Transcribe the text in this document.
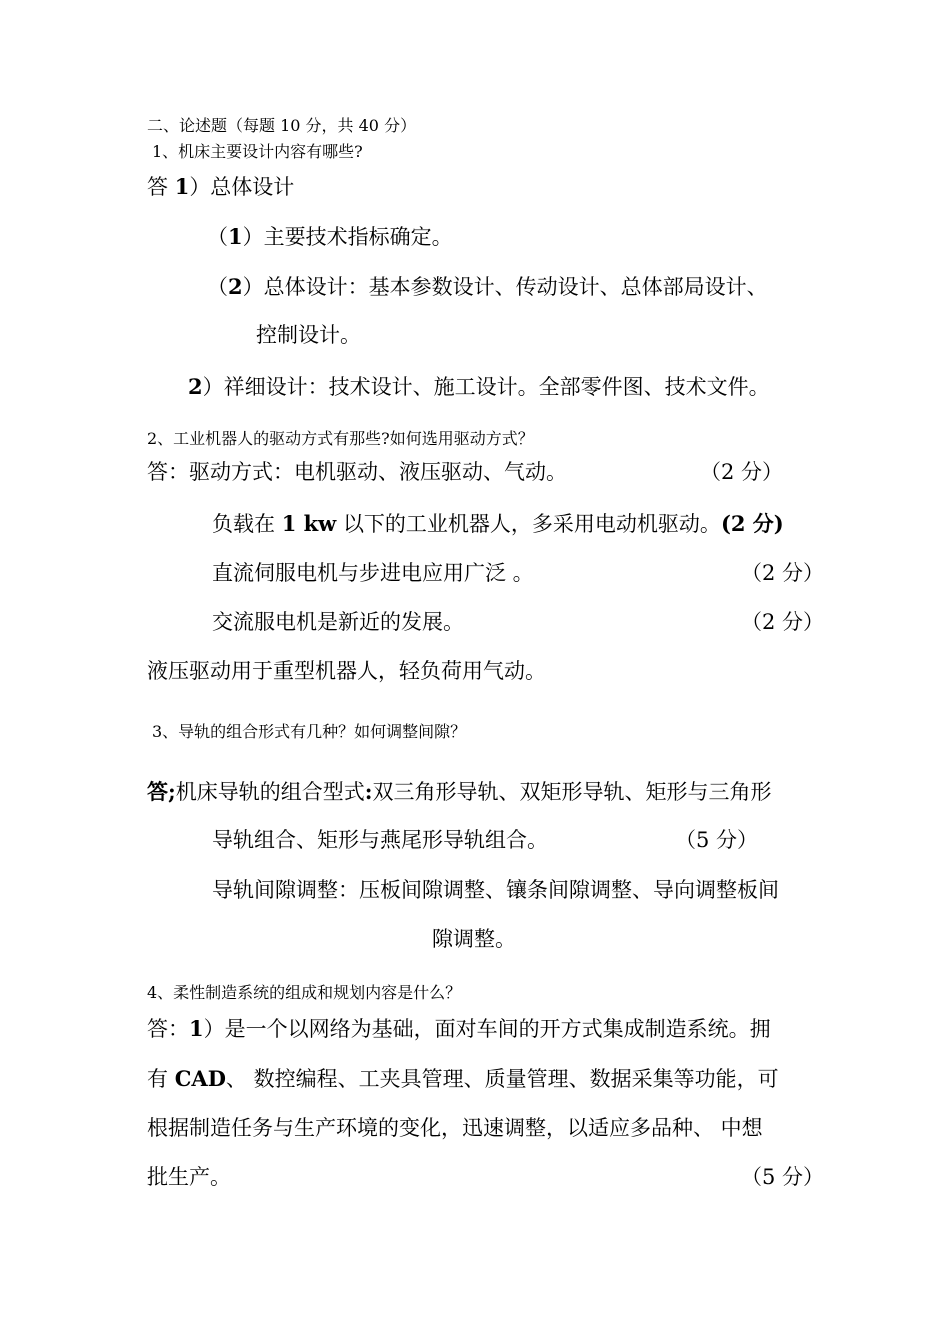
二、论述题（每题 10 分，共 40 分）
1、机床主要设计内容有哪些?
答 1）总体设计
（1）主要技术指标确定。
（2）总体设计：基本参数设计、传动设计、总体部局设计、
控制设计。
2）祥细设计：技术设计、施工设计。全部零件图、技术文件。
2、工业机器人的驱动方式有那些?如何选用驱动方式？
答：驱动方式：电机驱动、液压驱动、气动。	（2 分）
负载在 1 kw 以下的工业机器人，多采用电动机驱动。(2 分)
直流伺服电机与步进电应用广泛 。	（2 分）
交流服电机是新近的发展。	（2 分）
液压驱动用于重型机器人，轻负荷用气动。
3、导轨的组合形式有几种？如何调整间隙？
答;机床导轨的组合型式:双三角形导轨、双矩形导轨、矩形与三角形
导轨组合、矩形与燕尾形导轨组合。	（5 分）
导轨间隙调整：压板间隙调整、镶条间隙调整、导向调整板间
隙调整。
4、柔性制造系统的组成和规划内容是什么？
答：1）是一个以网络为基础，面对车间的开方式集成制造系统。拥
有 CAD、 数控编程、工夹具管理、质量管理、数据采集等功能，可
根据制造任务与生产环境的变化，迅速调整，以适应多品种、 中想
批生产。	（5 分）
